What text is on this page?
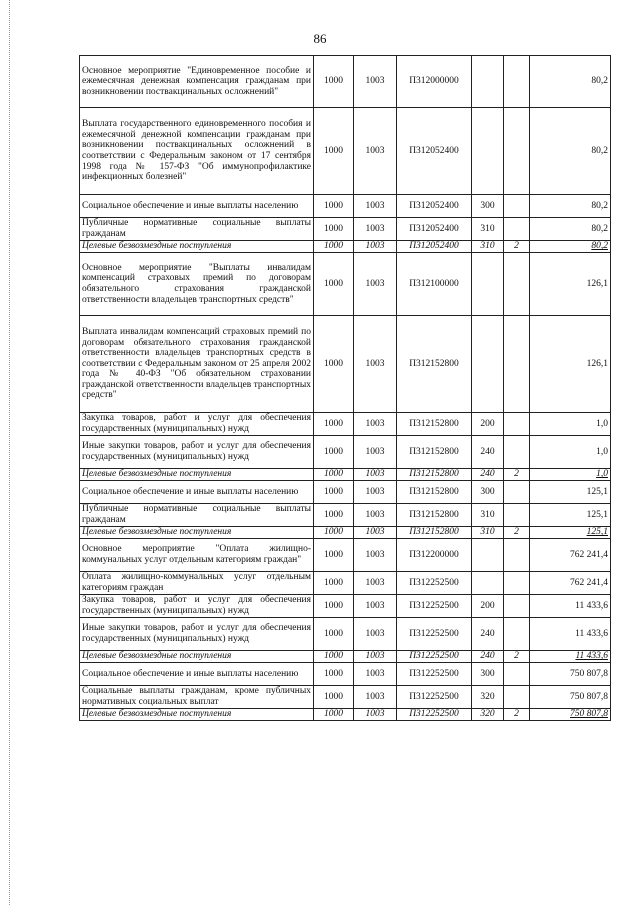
86
Основное мероприятие "Единовременное пособие и ежемесячная денежная компенсация гражданам при возникновении поствакцинальных осложнений"	1000	1003	П312000000			80,2
Выплата государственного единовременного пособия и ежемесячной денежной компенсации гражданам при возникновении поствакцинальных осложнений в соответствии с Федеральным законом от 17 сентября 1998 года № 157-ФЗ "Об иммунопрофилактике инфекционных болезней"	1000	1003	П312052400			80,2
Социальное обеспечение и иные выплаты населению	1000	1003	П312052400	300		80,2
Публичные нормативные социальные выплаты гражданам	1000	1003	П312052400	310		80,2
Целевые безвозмездные поступления	1000	1003	П312052400	310	2	80,2
Основное мероприятие "Выплаты инвалидам компенсаций страховых премий по договорам обязательного страхования гражданской ответственности владельцев транспортных средств"	1000	1003	П312100000			126,1
Выплата инвалидам компенсаций страховых премий по договорам обязательного страхования гражданской ответственности владельцев транспортных средств в соответствии с Федеральным законом от 25 апреля 2002 года № 40-ФЗ "Об обязательном страховании гражданской ответственности владельцев транспортных средств"	1000	1003	П312152800			126,1
Закупка товаров, работ и услуг для обеспечения государственных (муниципальных) нужд	1000	1003	П312152800	200		1,0
Иные закупки товаров, работ и услуг для обеспечения государственных (муниципальных) нужд	1000	1003	П312152800	240		1,0
Целевые безвозмездные поступления	1000	1003	П312152800	240	2	1,0
Социальное обеспечение и иные выплаты населению	1000	1003	П312152800	300		125,1
Публичные нормативные социальные выплаты гражданам	1000	1003	П312152800	310		125,1
Целевые безвозмездные поступления	1000	1003	П312152800	310	2	125,1
Основное мероприятие "Оплата жилищно-коммунальных услуг отдельным категориям граждан"	1000	1003	П312200000			762 241,4
Оплата жилищно-коммунальных услуг отдельным категориям граждан	1000	1003	П312252500			762 241,4
Закупка товаров, работ и услуг для обеспечения государственных (муниципальных) нужд	1000	1003	П312252500	200		11 433,6
Иные закупки товаров, работ и услуг для обеспечения государственных (муниципальных) нужд	1000	1003	П312252500	240		11 433,6
Целевые безвозмездные поступления	1000	1003	П312252500	240	2	11 433,6
Социальное обеспечение и иные выплаты населению	1000	1003	П312252500	300		750 807,8
Социальные выплаты гражданам, кроме публичных нормативных социальных выплат	1000	1003	П312252500	320		750 807,8
Целевые безвозмездные поступления	1000	1003	П312252500	320	2	750 807,8
